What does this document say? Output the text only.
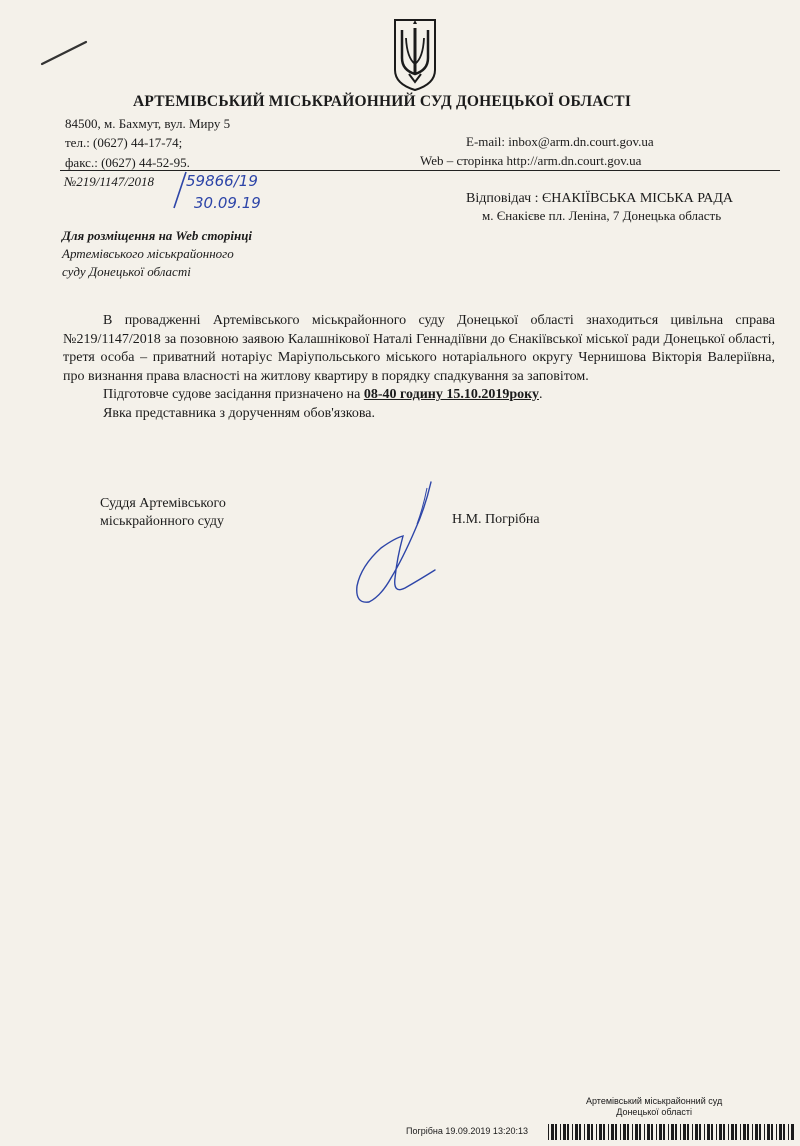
АРТЕМІВСЬКИЙ МІСЬКРАЙОННИЙ СУД ДОНЕЦЬКОЇ ОБЛАСТІ
84500, м. Бахмут, вул. Миру 5
тел.: (0627) 44-17-74;
факс.: (0627) 44-52-95.
E-mail: inbox@arm.dn.court.gov.ua
Web – сторінка http://arm.dn.court.gov.ua
№219/1147/2018 59866/19
30.09.19	Відповідач : ЄНАКІЇВСЬКА МІСЬКА РАДА
м. Єнакієве пл. Леніна, 7 Донецька область
Для розміщення на Web сторінці
Артемівського міськрайонного
суду Донецької області

В провадженні Артемівського міськрайонного суду Донецької області знаходиться цивільна справа №219/1147/2018 за позовною заявою Калашнікової Наталі Геннадіївни до Єнакіївської міської ради Донецької області, третя особа – приватний нотаріус Маріупольського міського нотаріального округу Чернишова Вікторія Валеріївна, про визнання права власності на житлову квартиру в порядку спадкування за заповітом.

Підготовче судове засідання призначено на 08-40 годину 15.10.2019року.

Явка представника з дорученням обов'язкова.

Суддя Артемівського
міськрайонного суду	Н.М. Погрібна
Артемівський міськрайонний суд
Донецької області
Погрібна 19.09.2019 13:20:13
